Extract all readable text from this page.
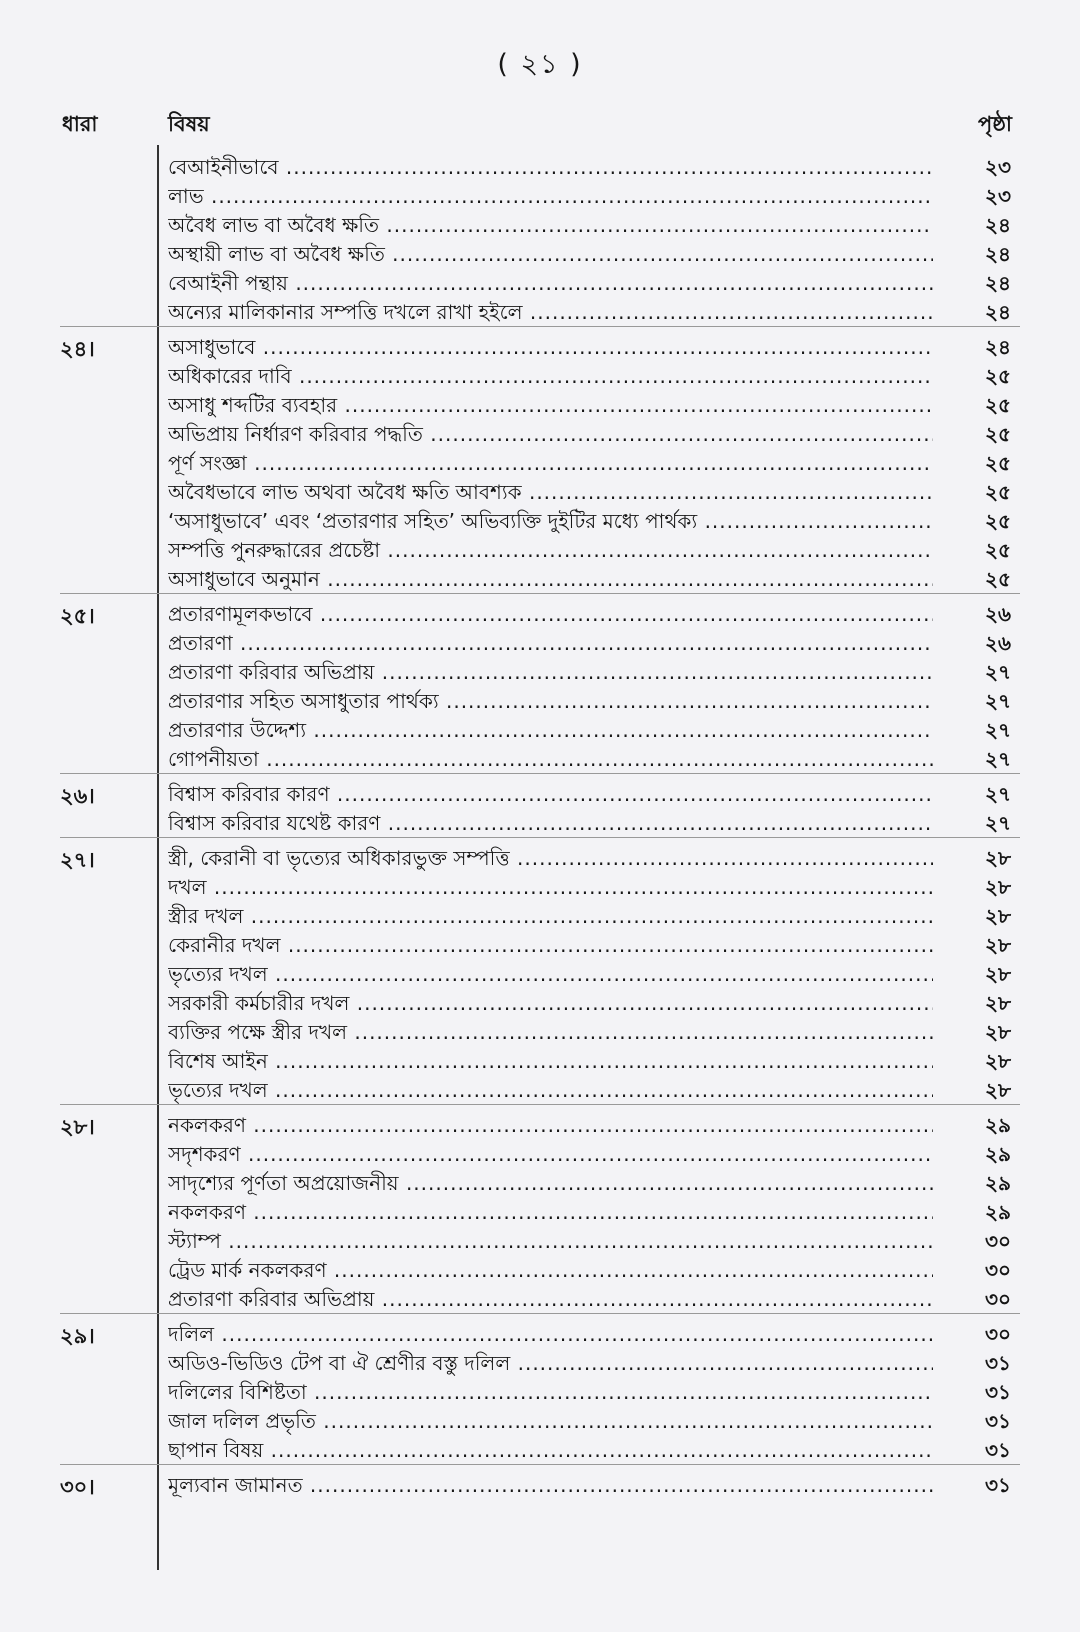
( ২১ )
ধারা	বিষয়	পৃষ্ঠা
বেআইনীভাবে .....	২৩
লাভ .....	২৩
অবৈধ লাভ বা অবৈধ ক্ষতি .....	২৪
অস্থায়ী লাভ বা অবৈধ ক্ষতি .....	২৪
বেআইনী পন্থায় .....	২৪
অন্যের মালিকানার সম্পত্তি দখলে রাখা হইলে .....	২৪
২৪।	অসাধুভাবে .....	২৪
অধিকারের দাবি .....	২৫
অসাধু শব্দটির ব্যবহার .....	২৫
অভিপ্রায় নির্ধারণ করিবার পদ্ধতি .....	২৫
পূর্ণ সংজ্ঞা .....	২৫
অবৈধভাবে লাভ অথবা অবৈধ ক্ষতি আবশ্যক .....	২৫
‘অসাধুভাবে’ এবং ‘প্রতারণার সহিত’ অভিব্যক্তি দুইটির মধ্যে পার্থক্য .....	২৫
সম্পত্তি পুনরুদ্ধারের প্রচেষ্টা .....	২৫
অসাধুভাবে অনুমান .....	২৫
২৫।	প্রতারণামূলকভাবে .....	২৬
প্রতারণা .....	২৬
প্রতারণা করিবার অভিপ্রায় .....	২৭
প্রতারণার সহিত অসাধুতার পার্থক্য .....	২৭
প্রতারণার উদ্দেশ্য .....	২৭
গোপনীয়তা .....	২৭
২৬।	বিশ্বাস করিবার কারণ .....	২৭
বিশ্বাস করিবার যথেষ্ট কারণ .....	২৭
২৭।	স্ত্রী, কেরানী বা ভৃত্যের অধিকারভুক্ত সম্পত্তি .....	২৮
দখল .....	২৮
স্ত্রীর দখল .....	২৮
কেরানীর দখল .....	২৮
ভৃত্যের দখল .....	২৮
সরকারী কর্মচারীর দখল .....	২৮
ব্যক্তির পক্ষে স্ত্রীর দখল .....	২৮
বিশেষ আইন .....	২৮
ভৃত্যের দখল .....	২৮
২৮।	নকলকরণ .....	২৯
সদৃশকরণ .....	২৯
সাদৃশ্যের পূর্ণতা অপ্রয়োজনীয় .....	২৯
নকলকরণ .....	২৯
স্ট্যাম্প .....	৩০
ট্রেড মার্ক নকলকরণ .....	৩০
প্রতারণা করিবার অভিপ্রায় .....	৩০
২৯।	দলিল .....	৩০
অডিও-ভিডিও টেপ বা ঐ শ্রেণীর বস্তু দলিল .....	৩১
দলিলের বিশিষ্টতা .....	৩১
জাল দলিল প্রভৃতি .....	৩১
ছাপান বিষয় .....	৩১
৩০।	মূল্যবান জামানত .....	৩১
